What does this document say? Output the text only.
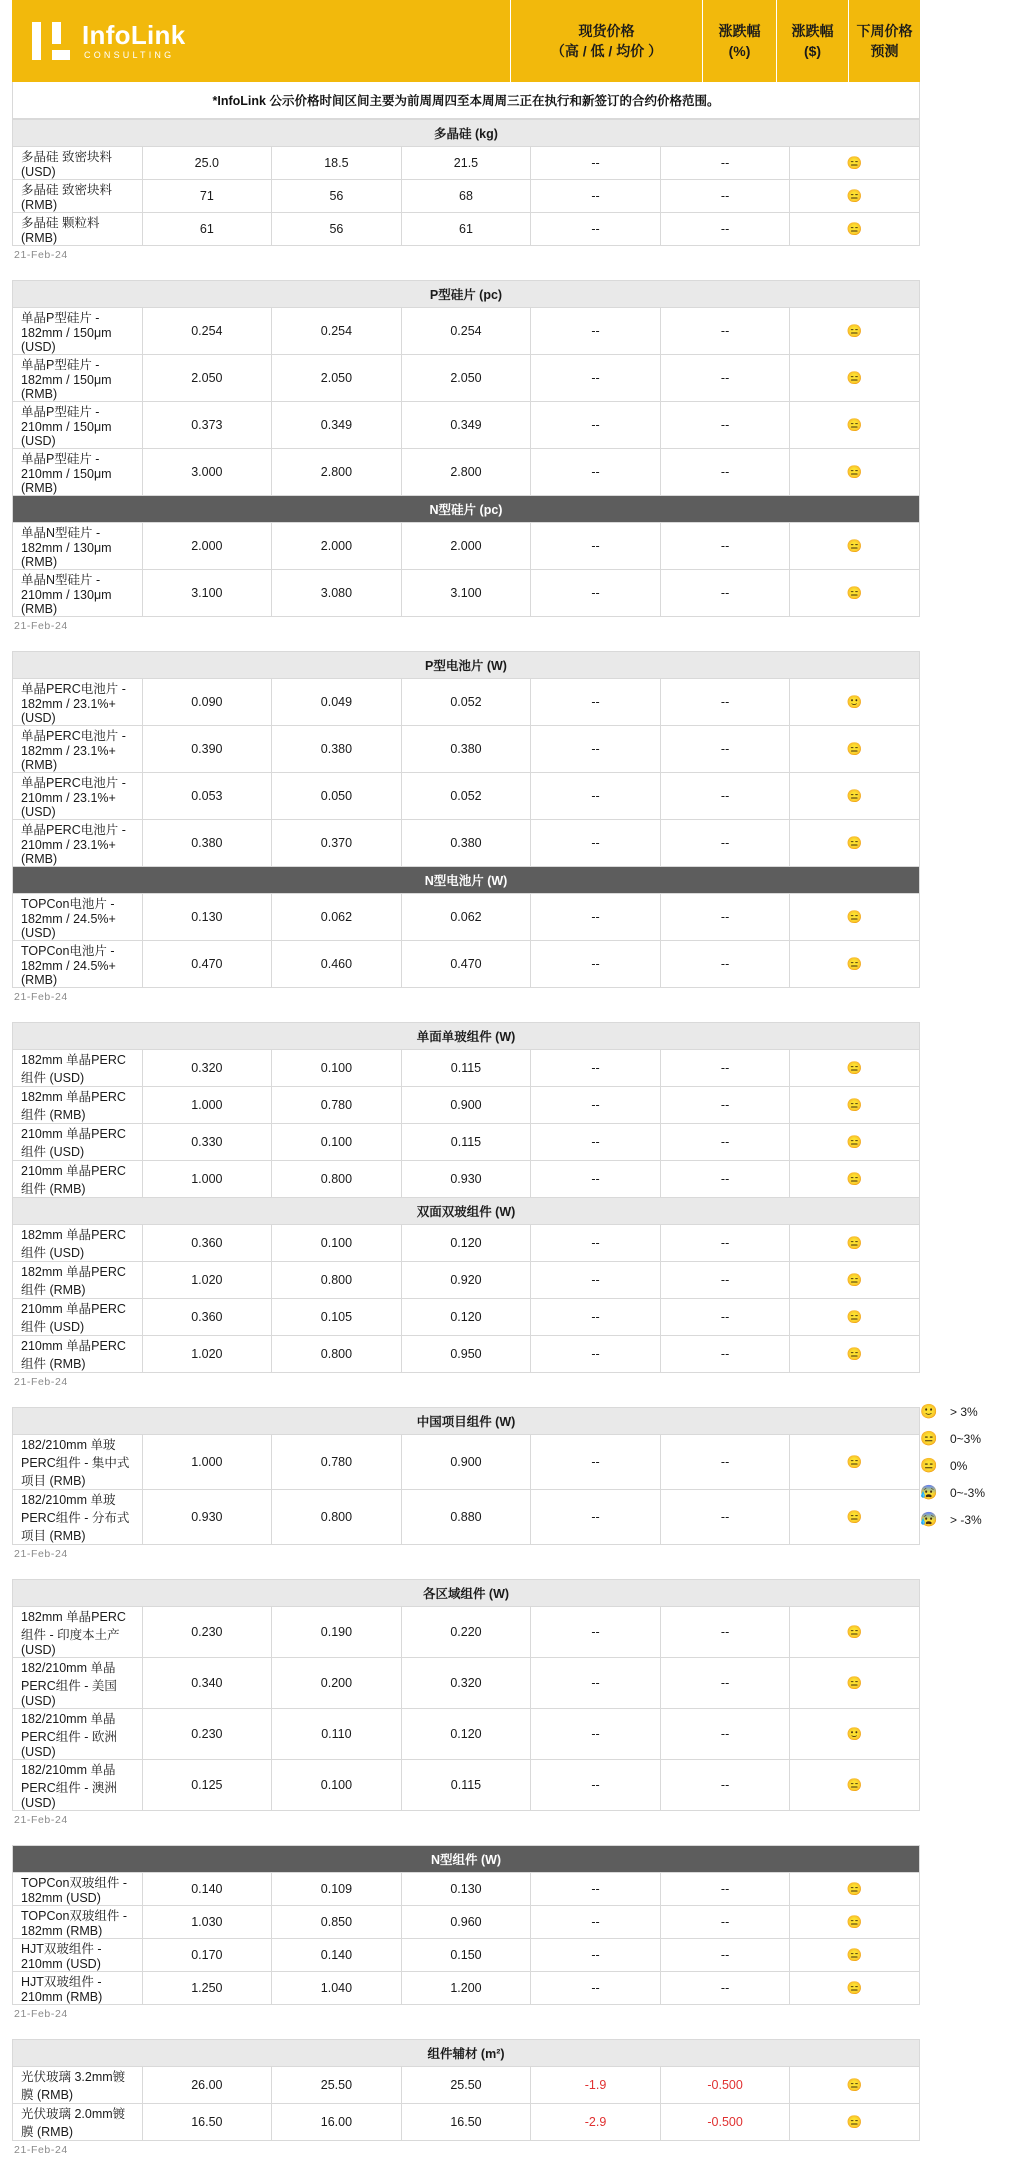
InfoLink
CONSULTING
现货价格
（高 / 低 / 均价 ）
涨跌幅
(%)
涨跌幅
($)
下周价格
预测
*InfoLink 公示价格时间区间主要为前周周四至本周周三正在执行和新签订的合约价格范围。
多晶硅 (kg)						
多晶硅 致密块料 (USD)	25.0	18.5	21.5	--	--	😑
多晶硅 致密块料 (RMB)	71	56	68	--	--	😑
多晶硅 颗粒料 (RMB)	61	56	61	--	--	😑
21-Feb-24
P型硅片 (pc)						
单晶P型硅片 - 182mm / 150μm (USD)	0.254	0.254	0.254	--	--	😑
单晶P型硅片 - 182mm / 150μm (RMB)	2.050	2.050	2.050	--	--	😑
单晶P型硅片 - 210mm / 150μm (USD)	0.373	0.349	0.349	--	--	😑
单晶P型硅片 - 210mm / 150μm (RMB)	3.000	2.800	2.800	--	--	😑
N型硅片 (pc)						
单晶N型硅片 - 182mm / 130μm (RMB)	2.000	2.000	2.000	--	--	😑
单晶N型硅片 - 210mm / 130μm (RMB)	3.100	3.080	3.100	--	--	😑
21-Feb-24
P型电池片 (W)						
单晶PERC电池片 - 182mm / 23.1%+ (USD)	0.090	0.049	0.052	--	--	🙂
单晶PERC电池片 - 182mm / 23.1%+ (RMB)	0.390	0.380	0.380	--	--	😑
单晶PERC电池片 - 210mm / 23.1%+ (USD)	0.053	0.050	0.052	--	--	😑
单晶PERC电池片 - 210mm / 23.1%+ (RMB)	0.380	0.370	0.380	--	--	😑
N型电池片 (W)						
TOPCon电池片 - 182mm / 24.5%+ (USD)	0.130	0.062	0.062	--	--	😑
TOPCon电池片 - 182mm / 24.5%+ (RMB)	0.470	0.460	0.470	--	--	😑
21-Feb-24
单面单玻组件 (W)						
182mm 单晶PERC组件 (USD)	0.320	0.100	0.115	--	--	😑
182mm 单晶PERC组件 (RMB)	1.000	0.780	0.900	--	--	😑
210mm 单晶PERC组件 (USD)	0.330	0.100	0.115	--	--	😑
210mm 单晶PERC组件 (RMB)	1.000	0.800	0.930	--	--	😑
双面双玻组件 (W)						
182mm 单晶PERC组件 (USD)	0.360	0.100	0.120	--	--	😑
182mm 单晶PERC组件 (RMB)	1.020	0.800	0.920	--	--	😑
210mm 单晶PERC组件 (USD)	0.360	0.105	0.120	--	--	😑
210mm 单晶PERC组件 (RMB)	1.020	0.800	0.950	--	--	😑
21-Feb-24
中国项目组件 (W)						
182/210mm 单玻PERC组件 - 集中式项目 (RMB)	1.000	0.780	0.900	--	--	😑
182/210mm 单玻PERC组件 - 分布式项目 (RMB)	0.930	0.800	0.880	--	--	😑
21-Feb-24
各区域组件 (W)						
182mm 单晶PERC组件 - 印度本土产 (USD)	0.230	0.190	0.220	--	--	😑
182/210mm 单晶PERC组件 - 美国 (USD)	0.340	0.200	0.320	--	--	😑
182/210mm 单晶PERC组件 - 欧洲 (USD)	0.230	0.110	0.120	--	--	🙂
182/210mm 单晶PERC组件 - 澳洲 (USD)	0.125	0.100	0.115	--	--	😑
21-Feb-24
N型组件 (W)						
TOPCon双玻组件 - 182mm (USD)	0.140	0.109	0.130	--	--	😑
TOPCon双玻组件 - 182mm (RMB)	1.030	0.850	0.960	--	--	😑
HJT双玻组件 - 210mm (USD)	0.170	0.140	0.150	--	--	😑
HJT双玻组件 - 210mm (RMB)	1.250	1.040	1.200	--	--	😑
21-Feb-24
组件辅材 (m²)						
光伏玻璃 3.2mm镀膜 (RMB)	26.00	25.50	25.50	-1.9	-0.500	😑
光伏玻璃 2.0mm镀膜 (RMB)	16.50	16.00	16.50	-2.9	-0.500	😑
21-Feb-24
🙂	> 3%
😑	0~3%
😑	0%
😰	0~-3%
😰	> -3%
